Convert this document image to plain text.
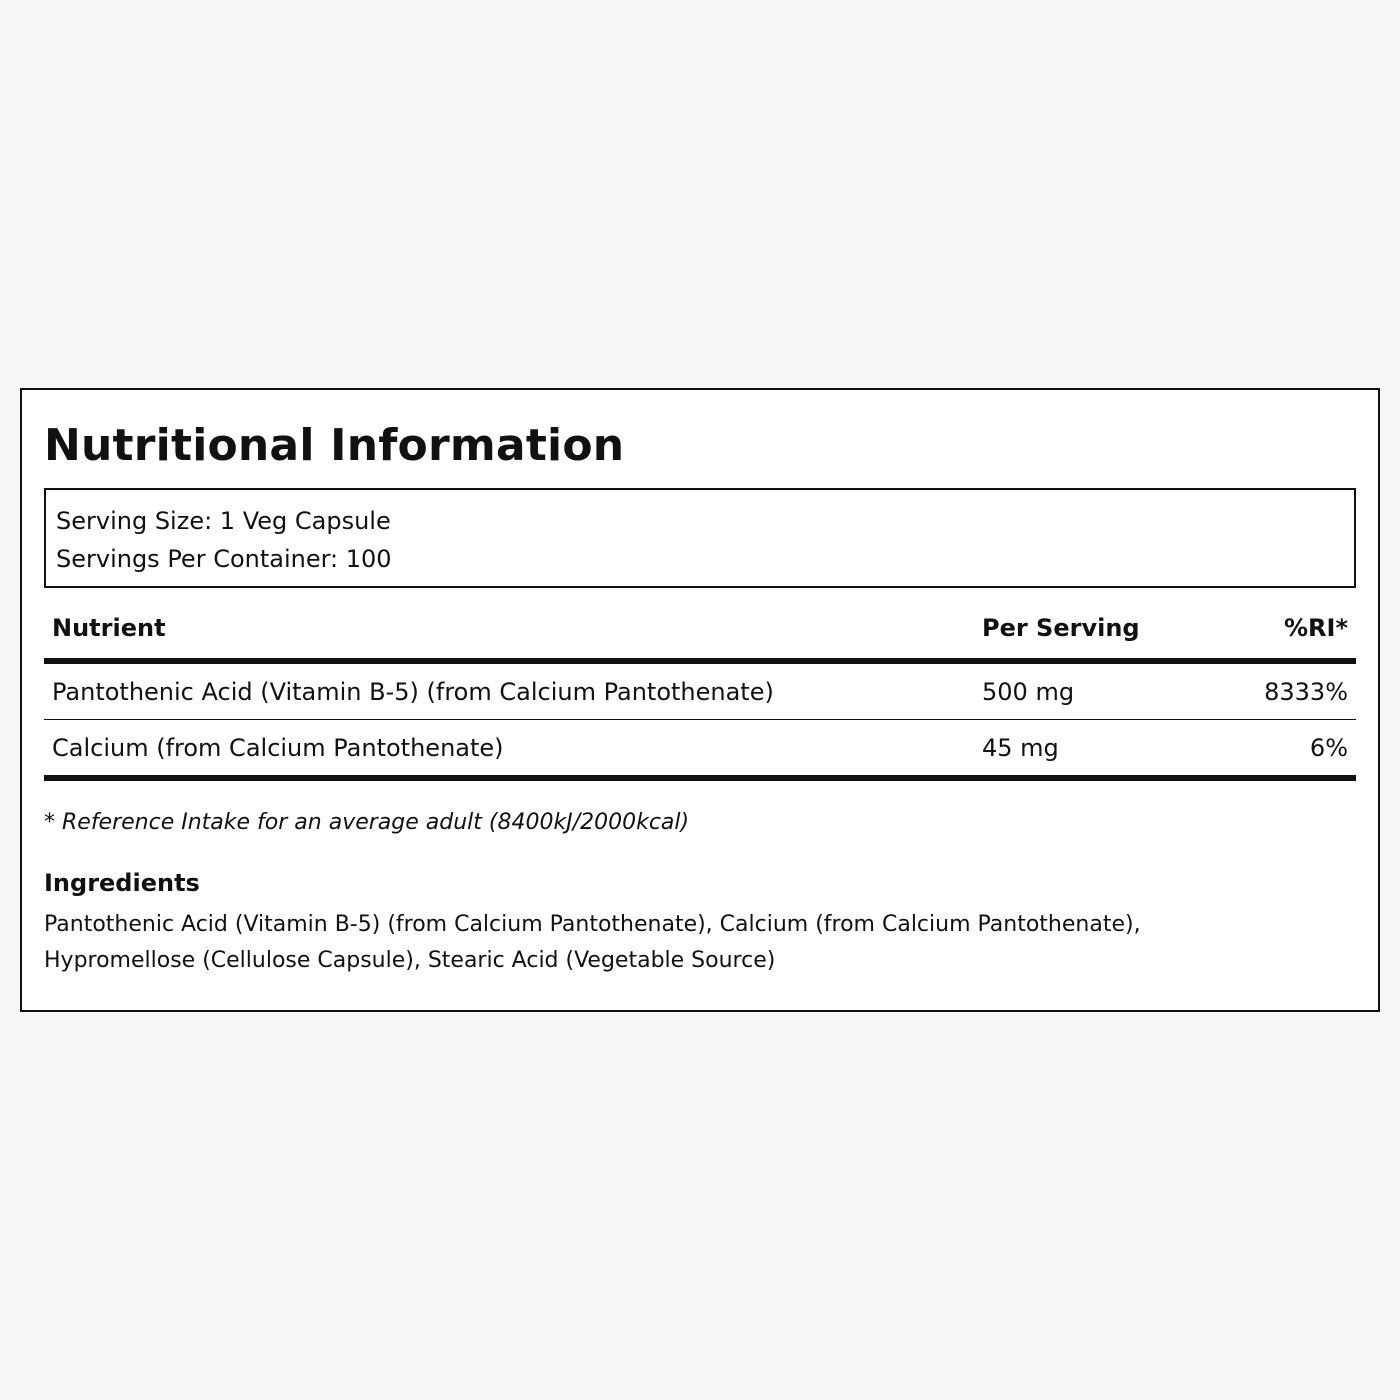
Nutritional Information
Serving Size: 1 Veg Capsule
Servings Per Container: 100
Nutrient	Per Serving	%RI*
Pantothenic Acid (Vitamin B-5) (from Calcium Pantothenate)	500 mg	8333%
Calcium (from Calcium Pantothenate)	45 mg	6%
* Reference Intake for an average adult (8400kJ/2000kcal)
Ingredients
Pantothenic Acid (Vitamin B-5) (from Calcium Pantothenate), Calcium (from Calcium Pantothenate), Hypromellose (Cellulose Capsule), Stearic Acid (Vegetable Source)
